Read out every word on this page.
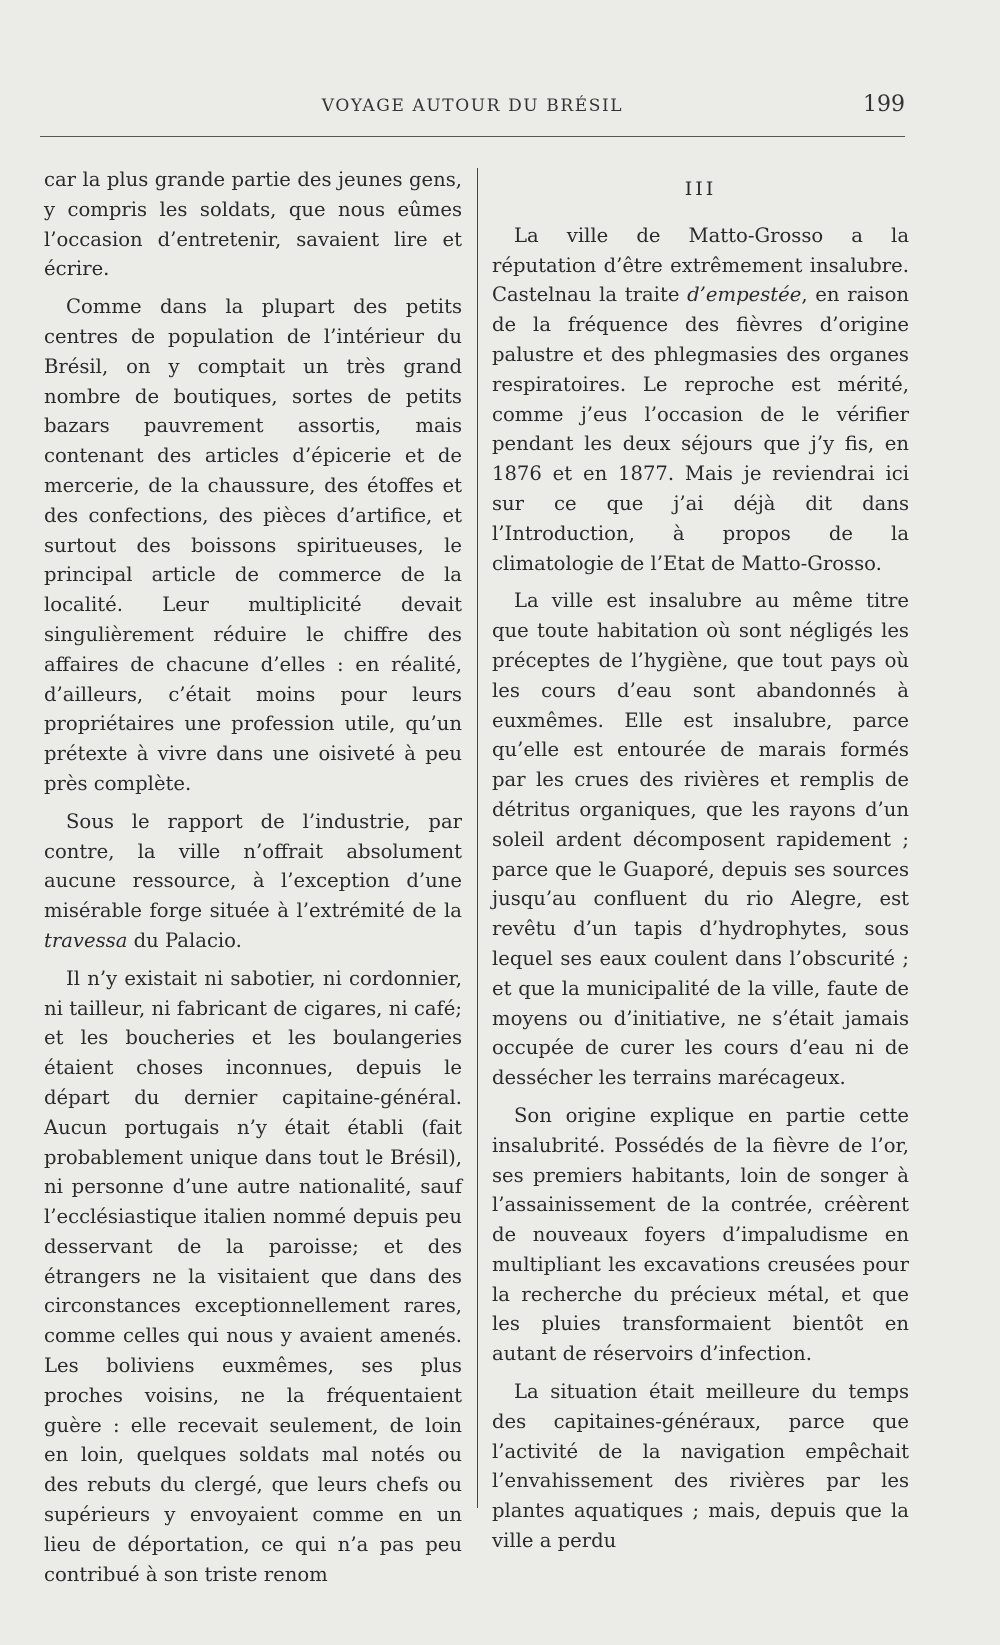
VOYAGE AUTOUR DU BRÉSIL	199

car la plus grande partie des jeunes gens, y compris les soldats, que nous eûmes l’occasion d’entretenir, savaient lire et écrire.

Comme dans la plupart des petits centres de population de l’intérieur du Brésil, on y comptait un très grand nombre de boutiques, sortes de petits bazars pauvrement assortis, mais contenant des articles d’épicerie et de mercerie, de la chaussure, des étoffes et des confections, des pièces d’artifice, et surtout des boissons spiritueuses, le principal article de commerce de la localité. Leur multiplicité devait singulièrement réduire le chiffre des affaires de chacune d’elles : en réalité, d’ailleurs, c’était moins pour leurs propriétaires une profession utile, qu’un prétexte à vivre dans une oisiveté à peu près complète.

Sous le rapport de l’industrie, par contre, la ville n’offrait absolument aucune ressource, à l’exception d’une misérable forge située à l’extrémité de la travessa du Palacio.

Il n’y existait ni sabotier, ni cordonnier, ni tailleur, ni fabricant de cigares, ni café; et les boucheries et les boulangeries étaient choses inconnues, depuis le départ du dernier capitaine-général. Aucun portugais n’y était établi (fait probablement unique dans tout le Brésil), ni personne d’une autre nationalité, sauf l’ecclésiastique italien nommé depuis peu desservant de la paroisse; et des étrangers ne la visitaient que dans des circonstances exceptionnellement rares, comme celles qui nous y avaient amenés. Les boliviens euxmêmes, ses plus proches voisins, ne la fréquentaient guère : elle recevait seulement, de loin en loin, quelques soldats mal notés ou des rebuts du clergé, que leurs chefs ou supérieurs y envoyaient comme en un lieu de déportation, ce qui n’a pas peu contribué à son triste renom

III

La ville de Matto-Grosso a la réputation d’être extrêmement insalubre. Castelnau la traite d’empestée, en raison de la fréquence des fièvres d’origine palustre et des phlegmasies des organes respiratoires. Le reproche est mérité, comme j’eus l’occasion de le vérifier pendant les deux séjours que j’y fis, en 1876 et en 1877. Mais je reviendrai ici sur ce que j’ai déjà dit dans l’Introduction, à propos de la climatologie de l’Etat de Matto-Grosso.

La ville est insalubre au même titre que toute habitation où sont négligés les préceptes de l’hygiène, que tout pays où les cours d’eau sont abandonnés à euxmêmes. Elle est insalubre, parce qu’elle est entourée de marais formés par les crues des rivières et remplis de détritus organiques, que les rayons d’un soleil ardent décomposent rapidement ; parce que le Guaporé, depuis ses sources jusqu’au confluent du rio Alegre, est revêtu d’un tapis d’hydrophytes, sous lequel ses eaux coulent dans l’obscurité ; et que la municipalité de la ville, faute de moyens ou d’initiative, ne s’était jamais occupée de curer les cours d’eau ni de dessécher les terrains marécageux.

Son origine explique en partie cette insalubrité. Possédés de la fièvre de l’or, ses premiers habitants, loin de songer à l’assainissement de la contrée, créèrent de nouveaux foyers d’impaludisme en multipliant les excavations creusées pour la recherche du précieux métal, et que les pluies transformaient bientôt en autant de réservoirs d’infection.

La situation était meilleure du temps des capitaines-généraux, parce que l’activité de la navigation empêchait l’envahissement des rivières par les plantes aquatiques ; mais, depuis que la ville a perdu
